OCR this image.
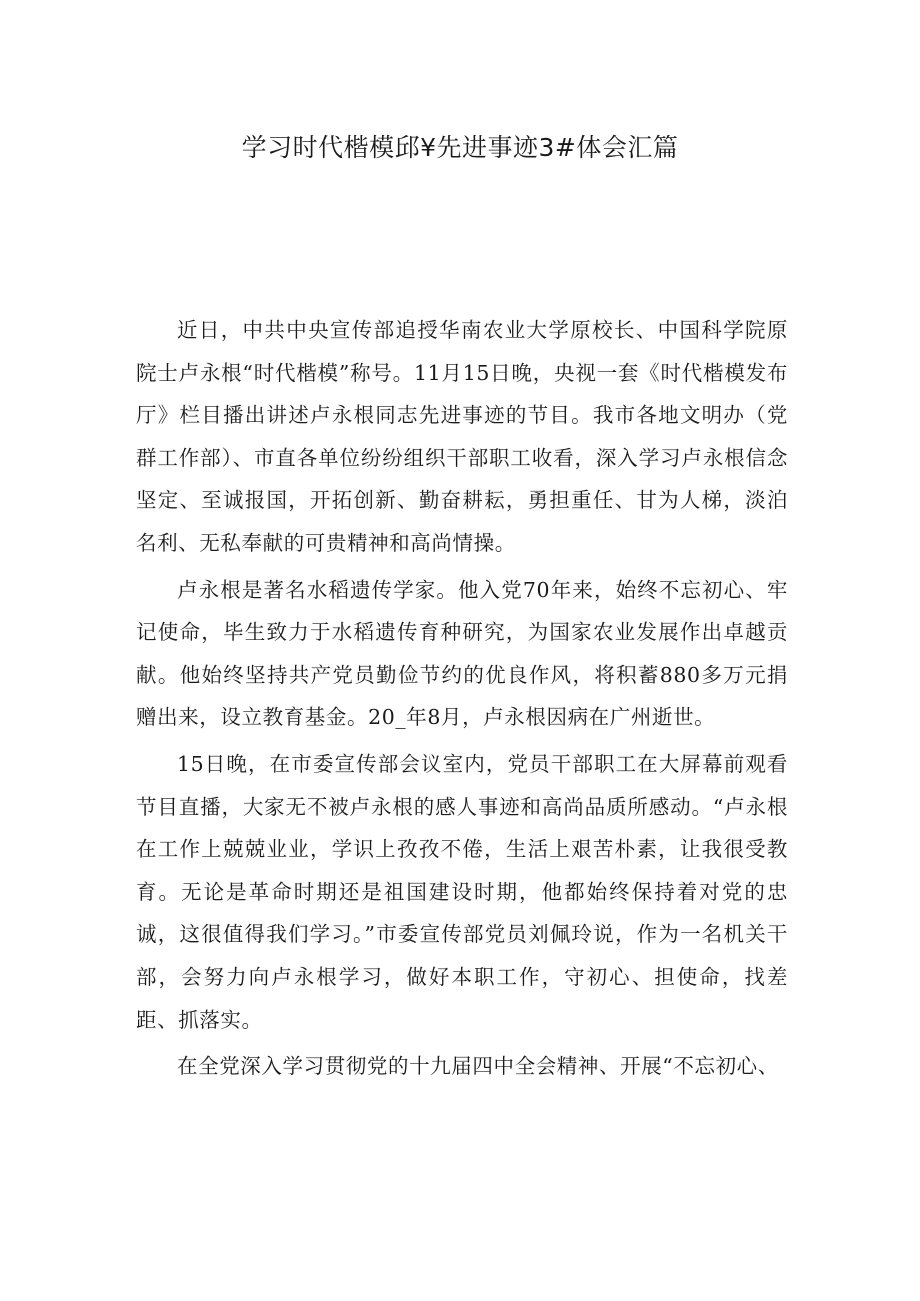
学习时代楷模邱¥先进事迹3#体会汇篇

近日，中共中央宣传部追授华南农业大学原校长、中国科学院原院士卢永根“时代楷模”称号。11月15日晚，央视一套《时代楷模发布厅》栏目播出讲述卢永根同志先进事迹的节目。我市各地文明办（党群工作部）、市直各单位纷纷组织干部职工收看，深入学习卢永根信念坚定、至诚报国，开拓创新、勤奋耕耘，勇担重任、甘为人梯，淡泊名利、无私奉献的可贵精神和高尚情操。

卢永根是著名水稻遗传学家。他入党70年来，始终不忘初心、牢记使命，毕生致力于水稻遗传育种研究，为国家农业发展作出卓越贡献。他始终坚持共产党员勤俭节约的优良作风，将积蓄880多万元捐赠出来，设立教育基金。20_年8月，卢永根因病在广州逝世。

15日晚，在市委宣传部会议室内，党员干部职工在大屏幕前观看节目直播，大家无不被卢永根的感人事迹和高尚品质所感动。“卢永根在工作上兢兢业业，学识上孜孜不倦，生活上艰苦朴素，让我很受教育。无论是革命时期还是祖国建设时期，他都始终保持着对党的忠诚，这很值得我们学习。”市委宣传部党员刘佩玲说，作为一名机关干部，会努力向卢永根学习，做好本职工作，守初心、担使命，找差距、抓落实。

在全党深入学习贯彻党的十九届四中全会精神、开展“不忘初心、
